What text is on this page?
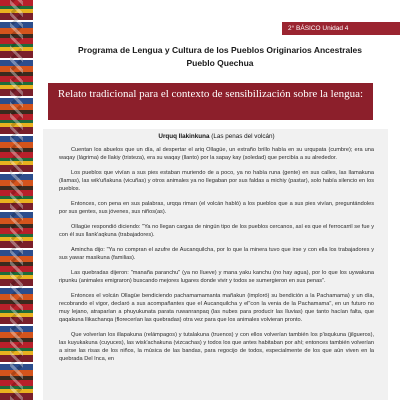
2° BÁSICO Unidad 4
Programa de Lengua y Cultura de los Pueblos Originarios Ancestrales
Pueblo Quechua
Relato tradicional para el contexto de sensibilización sobre la lengua:
Urquq llakinkuna (Las penas del volcán)

Cuentan los abuelos que un día, al despertar el ariq Ollagüe, un extraño brillo había en su urqupata (cumbre); era una waqay (lágrima) de llakiy (tristeza), era su waqay (llanto) por la sapay kay (soledad) que percibía a su alrededor.

Los pueblos que vivían a sus pies estaban muriendo de a poco, ya no había runa (gente) en sus calles, las llamakuna (llamas), las wik'uñakuna (vicuñas) y otros animales ya no llegaban por sus faldas a michiy (pastar), solo había silencio en los pueblos.

Entonces, con pena en sus palabras, urqqa rimarı (el volcán habló) a los pueblos que a sus pies vivían, preguntándoles por sus gentes, sus jóvenes, sus niños(as).

Ollagüe respondió diciendo: "Ya no llegan cargas de ningún tipo de los pueblos cercanos, así es que el ferrocarril se fue y con él sus llank'aqkuna (trabajadores).

Amincha dijo: "Ya no compran el azufre de Aucanquilcha, por lo que la minera tuvo que irse y con ella los trabajadores y sus yawar masikuna (familias).

Las quebradas dijeron: "manaña paranchu" (ya no llueve) y mana yaku kanchu (no hay agua), por lo que los uywakuna ripunku (animales emigraron) buscando mejores lugares donde vivir y todos se sumergieron en sus penas".

Entonces el volcán Ollagüe bendiciendo pachamamamanta mañakun (imploró) su bendición a la Pachamama) y un día, recobrando el vigor, declaró a sus acompañantes que el Aucanquilcha y el"con la venia de la Pachamama", en un futuro no muy lejano, atraparían a phuyukunata parata ruwanranpaq (las nubes para producir las lluvias) que tanto hacían falta, que qaqakuna llikachanqa (florecerían las quebradas) otra vez para que los animales volvieran pronto.

Que volverían los illapakuna (relámpagos) y tutalakuna (truenos) y con ellos volverían también los p'isqukuna (jilgueros), las kuyukakuna (cuyuces), las wisk'achakuna (vizcachas) y todos los que antes habitaban por ahí; entonces también volverían a sirse las risas de los niños, la música de las bandas, para regocijo de todos, especialmente de los que aún viven en la quebrada Del Inca, en
